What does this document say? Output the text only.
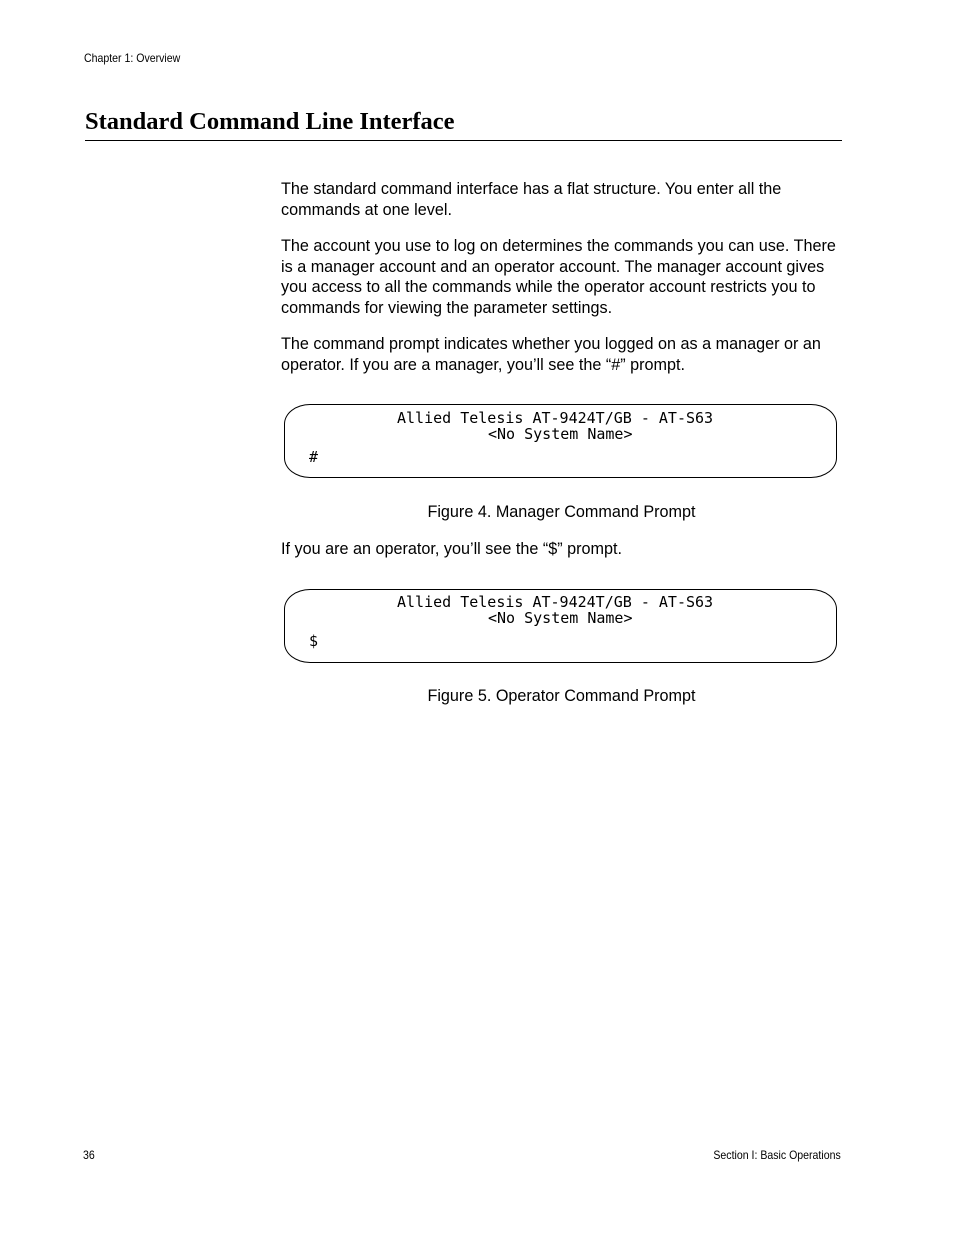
Chapter 1: Overview
Standard Command Line Interface

The standard command interface has a flat structure. You enter all the commands at one level.

The account you use to log on determines the commands you can use. There is a manager account and an operator account. The manager account gives you access to all the commands while the operator account restricts you to commands for viewing the parameter settings.

The command prompt indicates whether you logged on as a manager or an operator. If you are a manager, you’ll see the “#” prompt.

Allied Telesis AT-9424T/GB - AT-S63
<No System Name>
#
Figure 4. Manager Command Prompt

If you are an operator, you’ll see the “$” prompt.

Allied Telesis AT-9424T/GB - AT-S63
<No System Name>
$
Figure 5. Operator Command Prompt
36	Section I: Basic Operations
